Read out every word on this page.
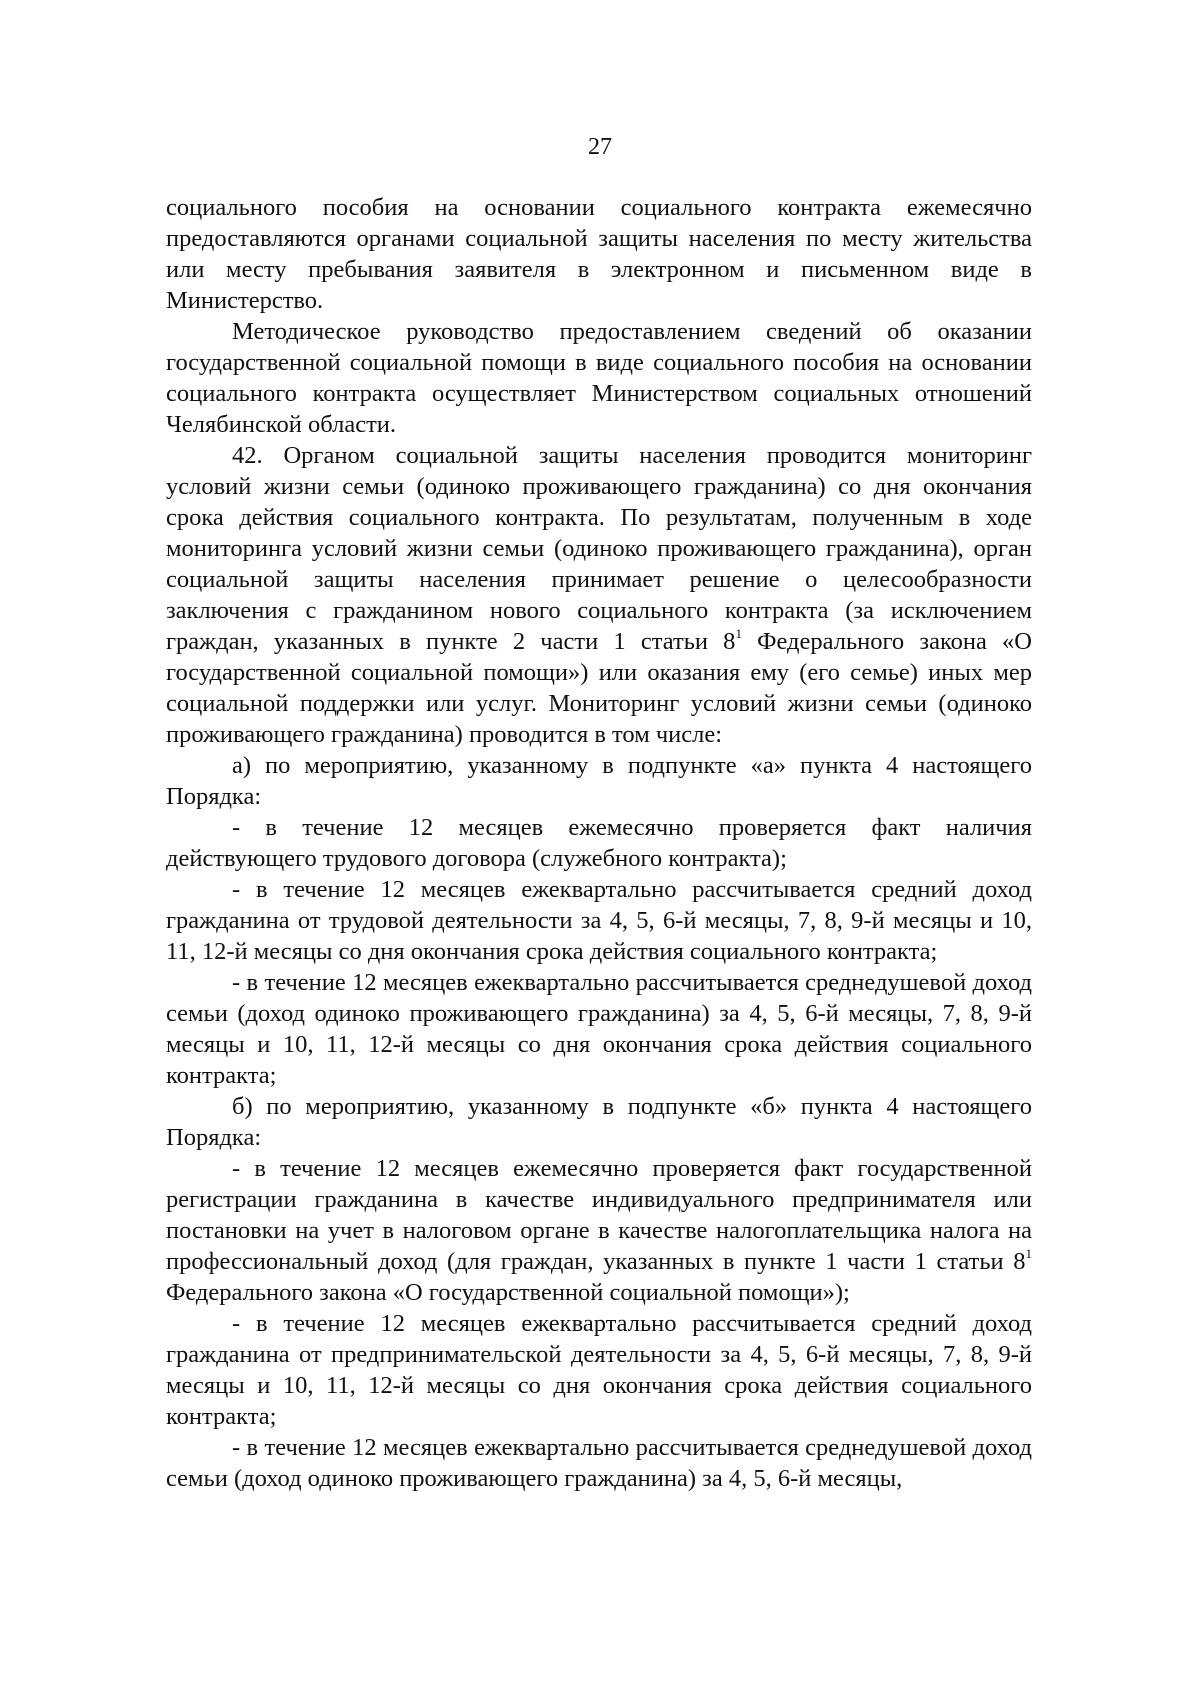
27

социального пособия на основании социального контракта ежемесячно предоставляются органами социальной защиты населения по месту жительства или месту пребывания заявителя в электронном и письменном виде в Министерство.

Методическое руководство предоставлением сведений об оказании государственной социальной помощи в виде социального пособия на основании социального контракта осуществляет Министерством социальных отношений Челябинской области.

42. Органом социальной защиты населения проводится мониторинг условий жизни семьи (одиноко проживающего гражданина) со дня окончания срока действия социального контракта. По результатам, полученным в ходе мониторинга условий жизни семьи (одиноко проживающего гражданина), орган социальной защиты населения принимает решение о целесообразности заключения с гражданином нового социального контракта (за исключением граждан, указанных в пункте 2 части 1 статьи $8^1$ Федерального закона «О государственной социальной помощи») или оказания ему (его семье) иных мер социальной поддержки или услуг. Мониторинг условий жизни семьи (одиноко проживающего гражданина) проводится в том числе:

а) по мероприятию, указанному в подпункте «а» пункта 4 настоящего Порядка:

- в течение 12 месяцев ежемесячно проверяется факт наличия действующего трудового договора (служебного контракта);

- в течение 12 месяцев ежеквартально рассчитывается средний доход гражданина от трудовой деятельности за 4, 5, 6-й месяцы, 7, 8, 9-й месяцы и 10, 11, 12-й месяцы со дня окончания срока действия социального контракта;

- в течение 12 месяцев ежеквартально рассчитывается среднедушевой доход семьи (доход одиноко проживающего гражданина) за 4, 5, 6-й месяцы, 7, 8, 9-й месяцы и 10, 11, 12-й месяцы со дня окончания срока действия социального контракта;

б) по мероприятию, указанному в подпункте «б» пункта 4 настоящего Порядка:

- в течение 12 месяцев ежемесячно проверяется факт государственной регистрации гражданина в качестве индивидуального предпринимателя или постановки на учет в налоговом органе в качестве налогоплательщика налога на профессиональный доход (для граждан, указанных в пункте 1 части 1 статьи $8^1$ Федерального закона «О государственной социальной помощи»);

- в течение 12 месяцев ежеквартально рассчитывается средний доход гражданина от предпринимательской деятельности за 4, 5, 6-й месяцы, 7, 8, 9-й месяцы и 10, 11, 12-й месяцы со дня окончания срока действия социального контракта;

- в течение 12 месяцев ежеквартально рассчитывается среднедушевой доход семьи (доход одиноко проживающего гражданина) за 4, 5, 6-й месяцы,
